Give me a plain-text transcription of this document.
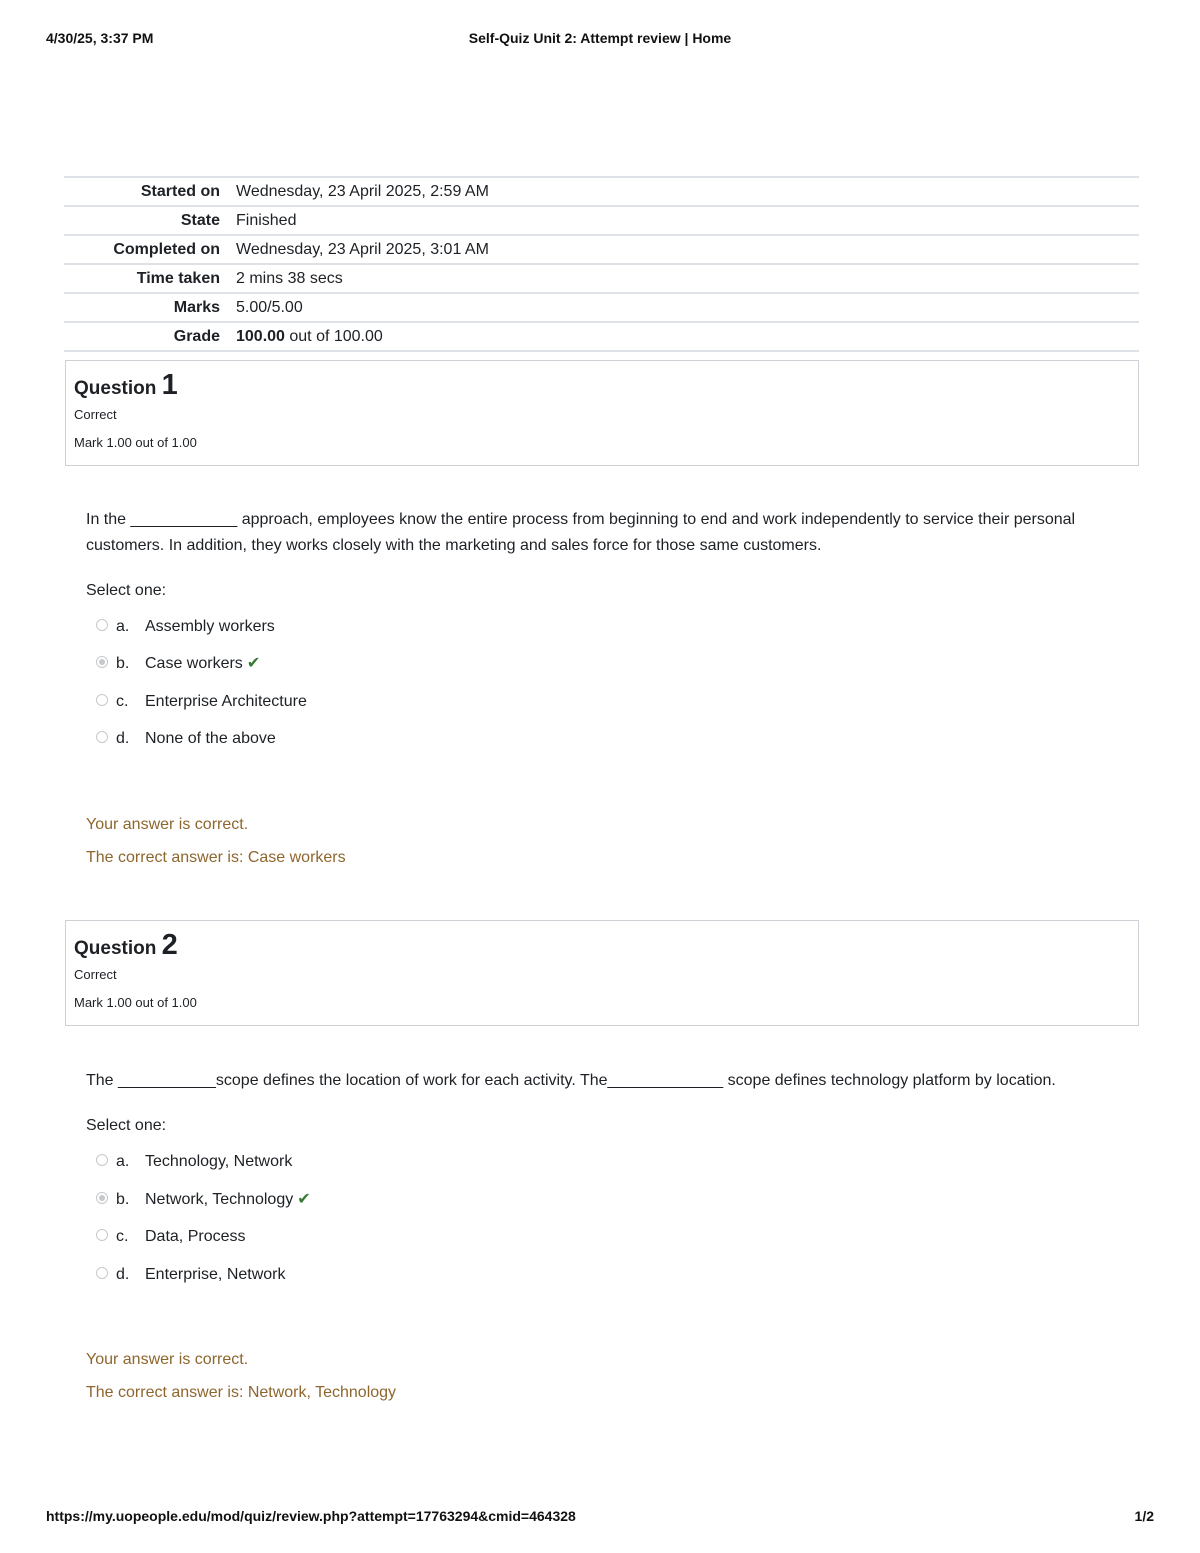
4/30/25, 3:37 PM	Self-Quiz Unit 2: Attempt review | Home
Started on	Wednesday, 23 April 2025, 2:59 AM
State	Finished
Completed on	Wednesday, 23 April 2025, 3:01 AM
Time taken	2 mins 38 secs
Marks	5.00/5.00
Grade	100.00 out of 100.00
Question 1
Correct
Mark 1.00 out of 1.00
In the ____________ approach, employees know the entire process from beginning to end and work independently to service their personal customers. In addition, they works closely with the marketing and sales force for those same customers.
Select one:
a. Assembly workers
b. Case workers ✔
c. Enterprise Architecture
d. None of the above
Your answer is correct.
The correct answer is: Case workers
Question 2
Correct
Mark 1.00 out of 1.00
The ___________scope defines the location of work for each activity. The_____________ scope defines technology platform by location.
Select one:
a. Technology, Network
b. Network, Technology ✔
c. Data, Process
d. Enterprise, Network
Your answer is correct.
The correct answer is: Network, Technology
https://my.uopeople.edu/mod/quiz/review.php?attempt=17763294&cmid=464328	1/2
